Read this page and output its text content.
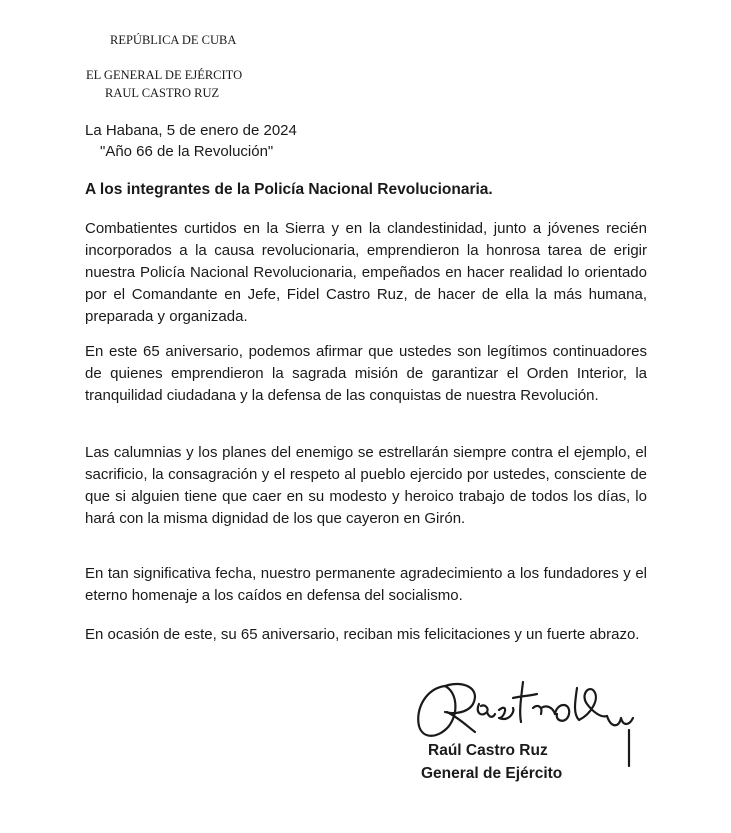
REPÚBLICA DE CUBA
EL GENERAL DE EJÉRCITO
RAUL CASTRO RUZ
La Habana, 5 de enero de 2024
"Año 66 de la Revolución"
A los integrantes de la Policía Nacional Revolucionaria.

Combatientes curtidos en la Sierra y en la clandestinidad, junto a jóvenes recién incorporados a la causa revolucionaria, emprendieron la honrosa tarea de erigir nuestra Policía Nacional Revolucionaria, empeñados en hacer realidad lo orientado por el Comandante en Jefe, Fidel Castro Ruz, de hacer de ella la más humana, preparada y organizada.

En este 65 aniversario, podemos afirmar que ustedes son legítimos continuadores de quienes emprendieron la sagrada misión de garantizar el Orden Interior, la tranquilidad ciudadana y la defensa de las conquistas de nuestra Revolución.

Las calumnias y los planes del enemigo se estrellarán siempre contra el ejemplo, el sacrificio, la consagración y el respeto al pueblo ejercido por ustedes, consciente de que si alguien tiene que caer en su modesto y heroico trabajo de todos los días, lo hará con la misma dignidad de los que cayeron en Girón.

En tan significativa fecha, nuestro permanente agradecimiento a los fundadores y el eterno homenaje a los caídos en defensa del socialismo.

En ocasión de este, su 65 aniversario, reciban mis felicitaciones y un fuerte abrazo.

Raúl Castro Ruz
General de Ejército
